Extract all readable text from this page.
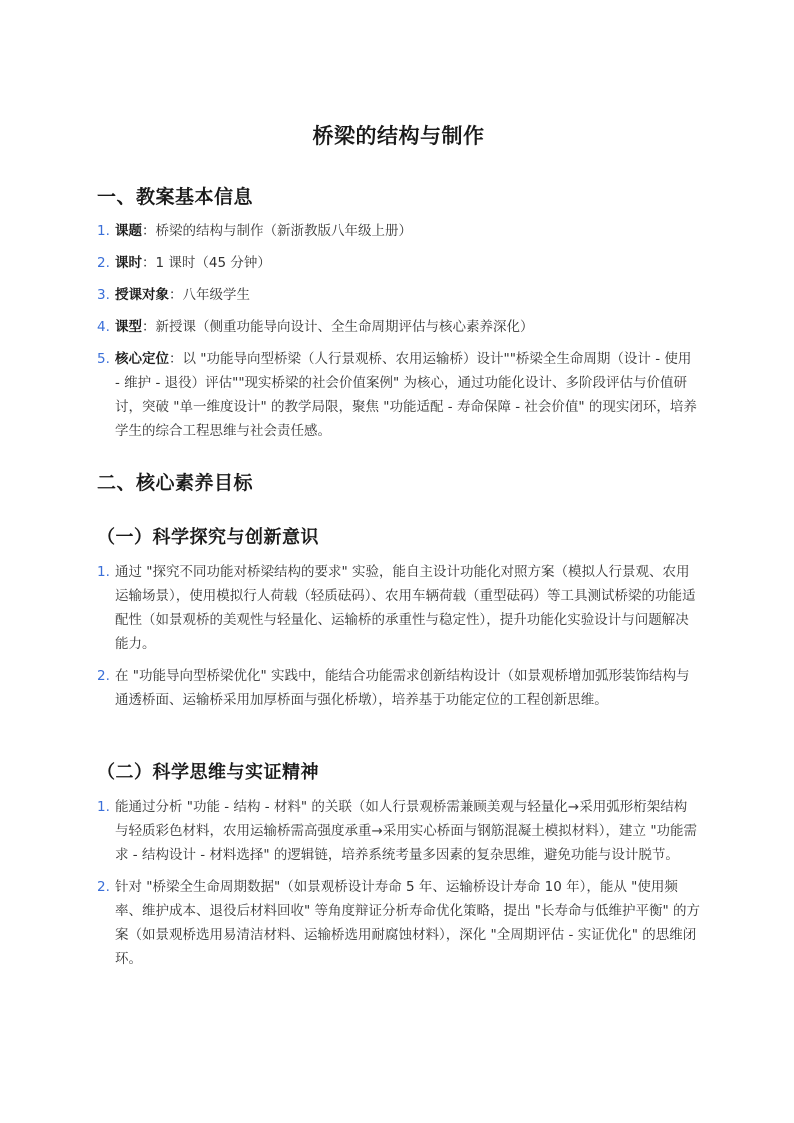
桥梁的结构与制作
一、教案基本信息
1. 课题：桥梁的结构与制作（新浙教版八年级上册）
2. 课时：1 课时（45 分钟）
3. 授课对象：八年级学生
4. 课型：新授课（侧重功能导向设计、全生命周期评估与核心素养深化）
5. 核心定位：以 "功能导向型桥梁（人行景观桥、农用运输桥）设计""桥梁全生命周期（设计 - 使用 - 维护 - 退役）评估""现实桥梁的社会价值案例" 为核心，通过功能化设计、多阶段评估与价值研讨，突破 "单一维度设计" 的教学局限，聚焦 "功能适配 - 寿命保障 - 社会价值" 的现实闭环，培养学生的综合工程思维与社会责任感。
二、核心素养目标
（一）科学探究与创新意识
1. 通过 "探究不同功能对桥梁结构的要求" 实验，能自主设计功能化对照方案（模拟人行景观、农用运输场景），使用模拟行人荷载（轻质砝码）、农用车辆荷载（重型砝码）等工具测试桥梁的功能适配性（如景观桥的美观性与轻量化、运输桥的承重性与稳定性），提升功能化实验设计与问题解决能力。
2. 在 "功能导向型桥梁优化" 实践中，能结合功能需求创新结构设计（如景观桥增加弧形装饰结构与通透桥面、运输桥采用加厚桥面与强化桥墩），培养基于功能定位的工程创新思维。
（二）科学思维与实证精神
1. 能通过分析 "功能 - 结构 - 材料" 的关联（如人行景观桥需兼顾美观与轻量化→采用弧形桁架结构与轻质彩色材料，农用运输桥需高强度承重→采用实心桥面与钢筋混凝土模拟材料），建立 "功能需求 - 结构设计 - 材料选择" 的逻辑链，培养系统考量多因素的复杂思维，避免功能与设计脱节。
2. 针对 "桥梁全生命周期数据"（如景观桥设计寿命 5 年、运输桥设计寿命 10 年），能从 "使用频率、维护成本、退役后材料回收" 等角度辩证分析寿命优化策略，提出 "长寿命与低维护平衡" 的方案（如景观桥选用易清洁材料、运输桥选用耐腐蚀材料），深化 "全周期评估 - 实证优化" 的思维闭环。
